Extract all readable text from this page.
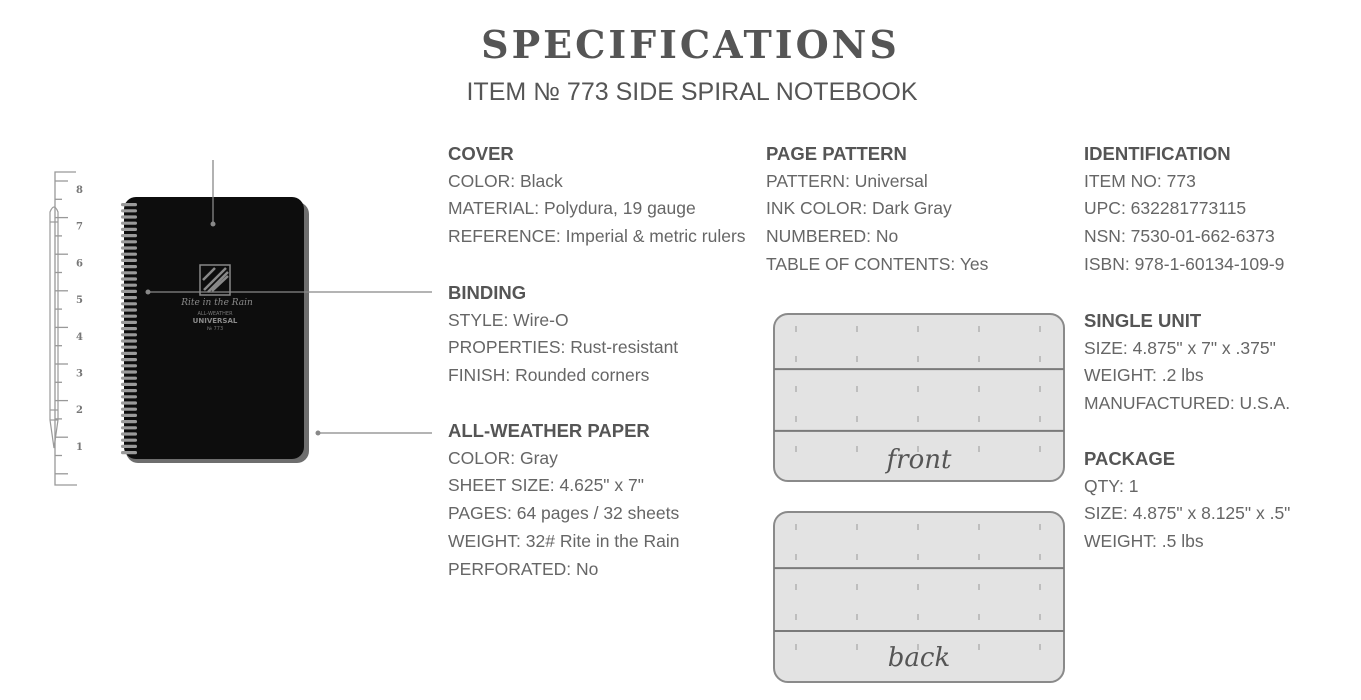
SPECIFICATIONS
ITEM № 773 SIDE SPIRAL NOTEBOOK
8
7
6
5
4
3
2
1
Rite in the Rain
ALL-WEATHER
UNIVERSAL
№ 773
COVER
COLOR: Black
MATERIAL: Polydura, 19 gauge
REFERENCE: Imperial & metric rulers
BINDING
STYLE: Wire-O
PROPERTIES: Rust-resistant
FINISH: Rounded corners
ALL-WEATHER PAPER
COLOR: Gray
SHEET SIZE: 4.625" x 7"
PAGES: 64 pages / 32 sheets
WEIGHT: 32# Rite in the Rain
PERFORATED: No
PAGE PATTERN
PATTERN: Universal
INK COLOR: Dark Gray
NUMBERED: No
TABLE OF CONTENTS: Yes
IDENTIFICATION
ITEM NO: 773
UPC: 632281773115
NSN: 7530-01-662-6373
ISBN: 978-1-60134-109-9
SINGLE UNIT
SIZE: 4.875" x 7" x .375"
WEIGHT: .2 lbs
MANUFACTURED: U.S.A.
PACKAGE
QTY: 1
SIZE: 4.875" x 8.125" x .5"
WEIGHT: .5 lbs
front
back
